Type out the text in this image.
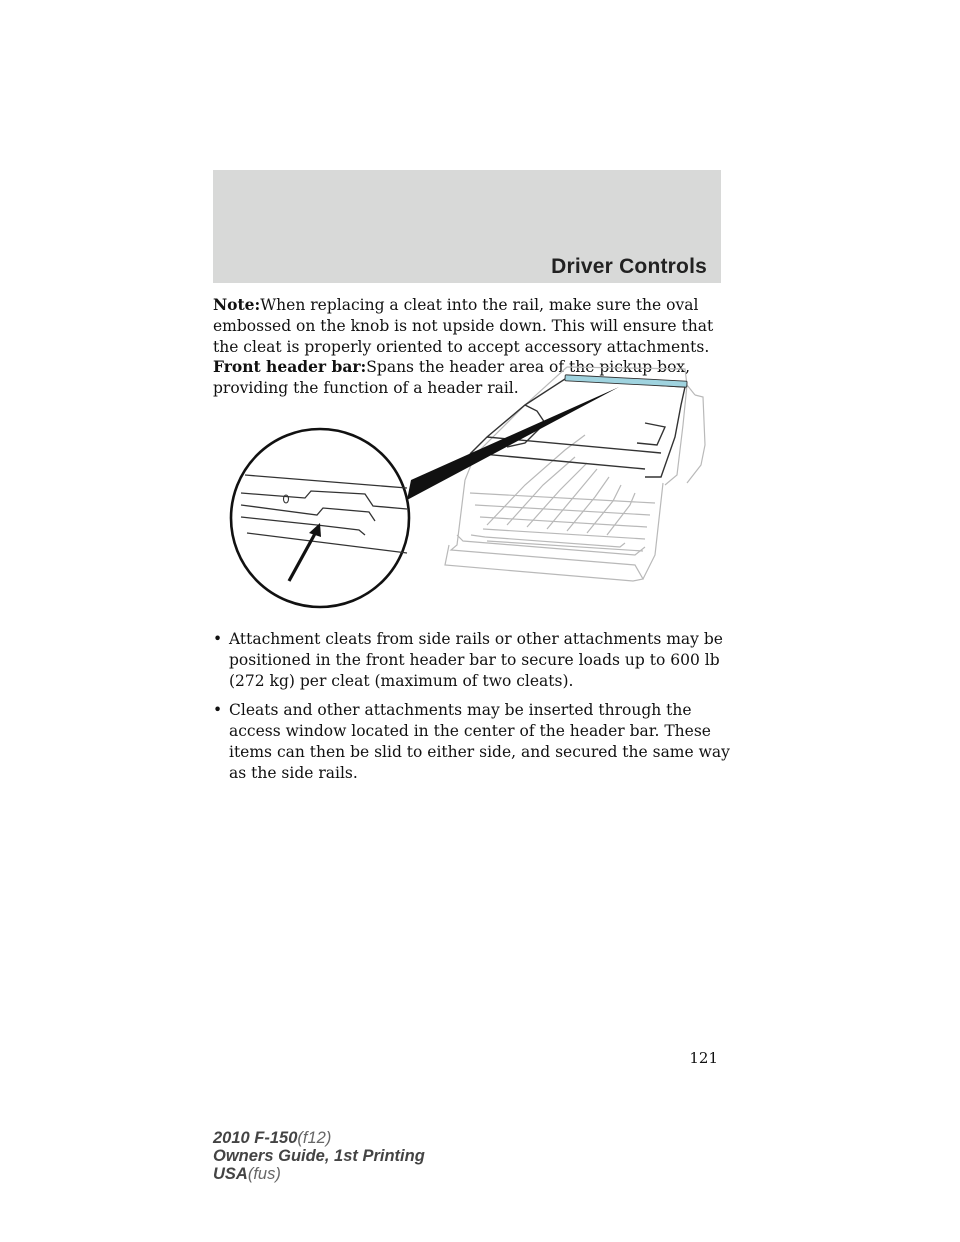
Driver Controls
Note:When replacing a cleat into the rail, make sure the oval embossed on the knob is not upside down. This will ensure that the cleat is properly oriented to accept accessory attachments.
Front header bar:Spans the header area of the pickup box, providing the function of a header rail.
• Attachment cleats from side rails or other attachments may be positioned in the front header bar to secure loads up to 600 lb (272 kg) per cleat (maximum of two cleats).
• Cleats and other attachments may be inserted through the access window located in the center of the header bar. These items can then be slid to either side, and secured the same way as the side rails.
121
2010 F-150(f12)
Owners Guide, 1st Printing
USA(fus)
